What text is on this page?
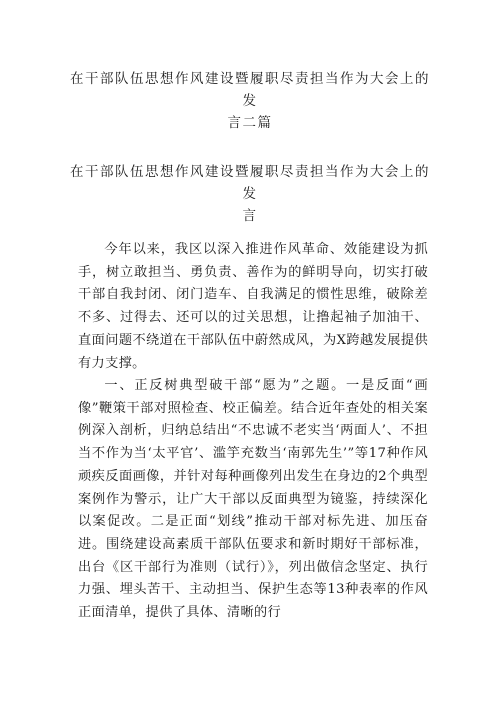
在干部队伍思想作风建设暨履职尽责担当作为大会上的发
言二篇
在干部队伍思想作风建设暨履职尽责担当作为大会上的发
言

今年以来，我区以深入推进作风革命、效能建设为抓手，树立敢担当、勇负责、善作为的鲜明导向，切实打破干部自我封闭、闭门造车、自我满足的惯性思维，破除差不多、过得去、还可以的过关思想，让撸起袖子加油干、直面问题不绕道在干部队伍中蔚然成风，为X跨越发展提供有力支撑。

一、正反树典型破干部“愿为”之题。一是反面“画像”鞭策干部对照检查、校正偏差。结合近年查处的相关案例深入剖析，归纳总结出“不忠诚不老实当‘两面人’、不担当不作为当‘太平官’、滥竽充数当‘南郭先生’”等17种作风顽疾反面画像，并针对每种画像列出发生在身边的2个典型案例作为警示，让广大干部以反面典型为镜鉴，持续深化以案促改。二是正面“划线”推动干部对标先进、加压奋进。围绕建设高素质干部队伍要求和新时期好干部标准，出台《区干部行为准则（试行）》，列出做信念坚定、执行力强、埋头苦干、主动担当、保护生态等13种表率的作风正面清单，提供了具体、清晰的行
